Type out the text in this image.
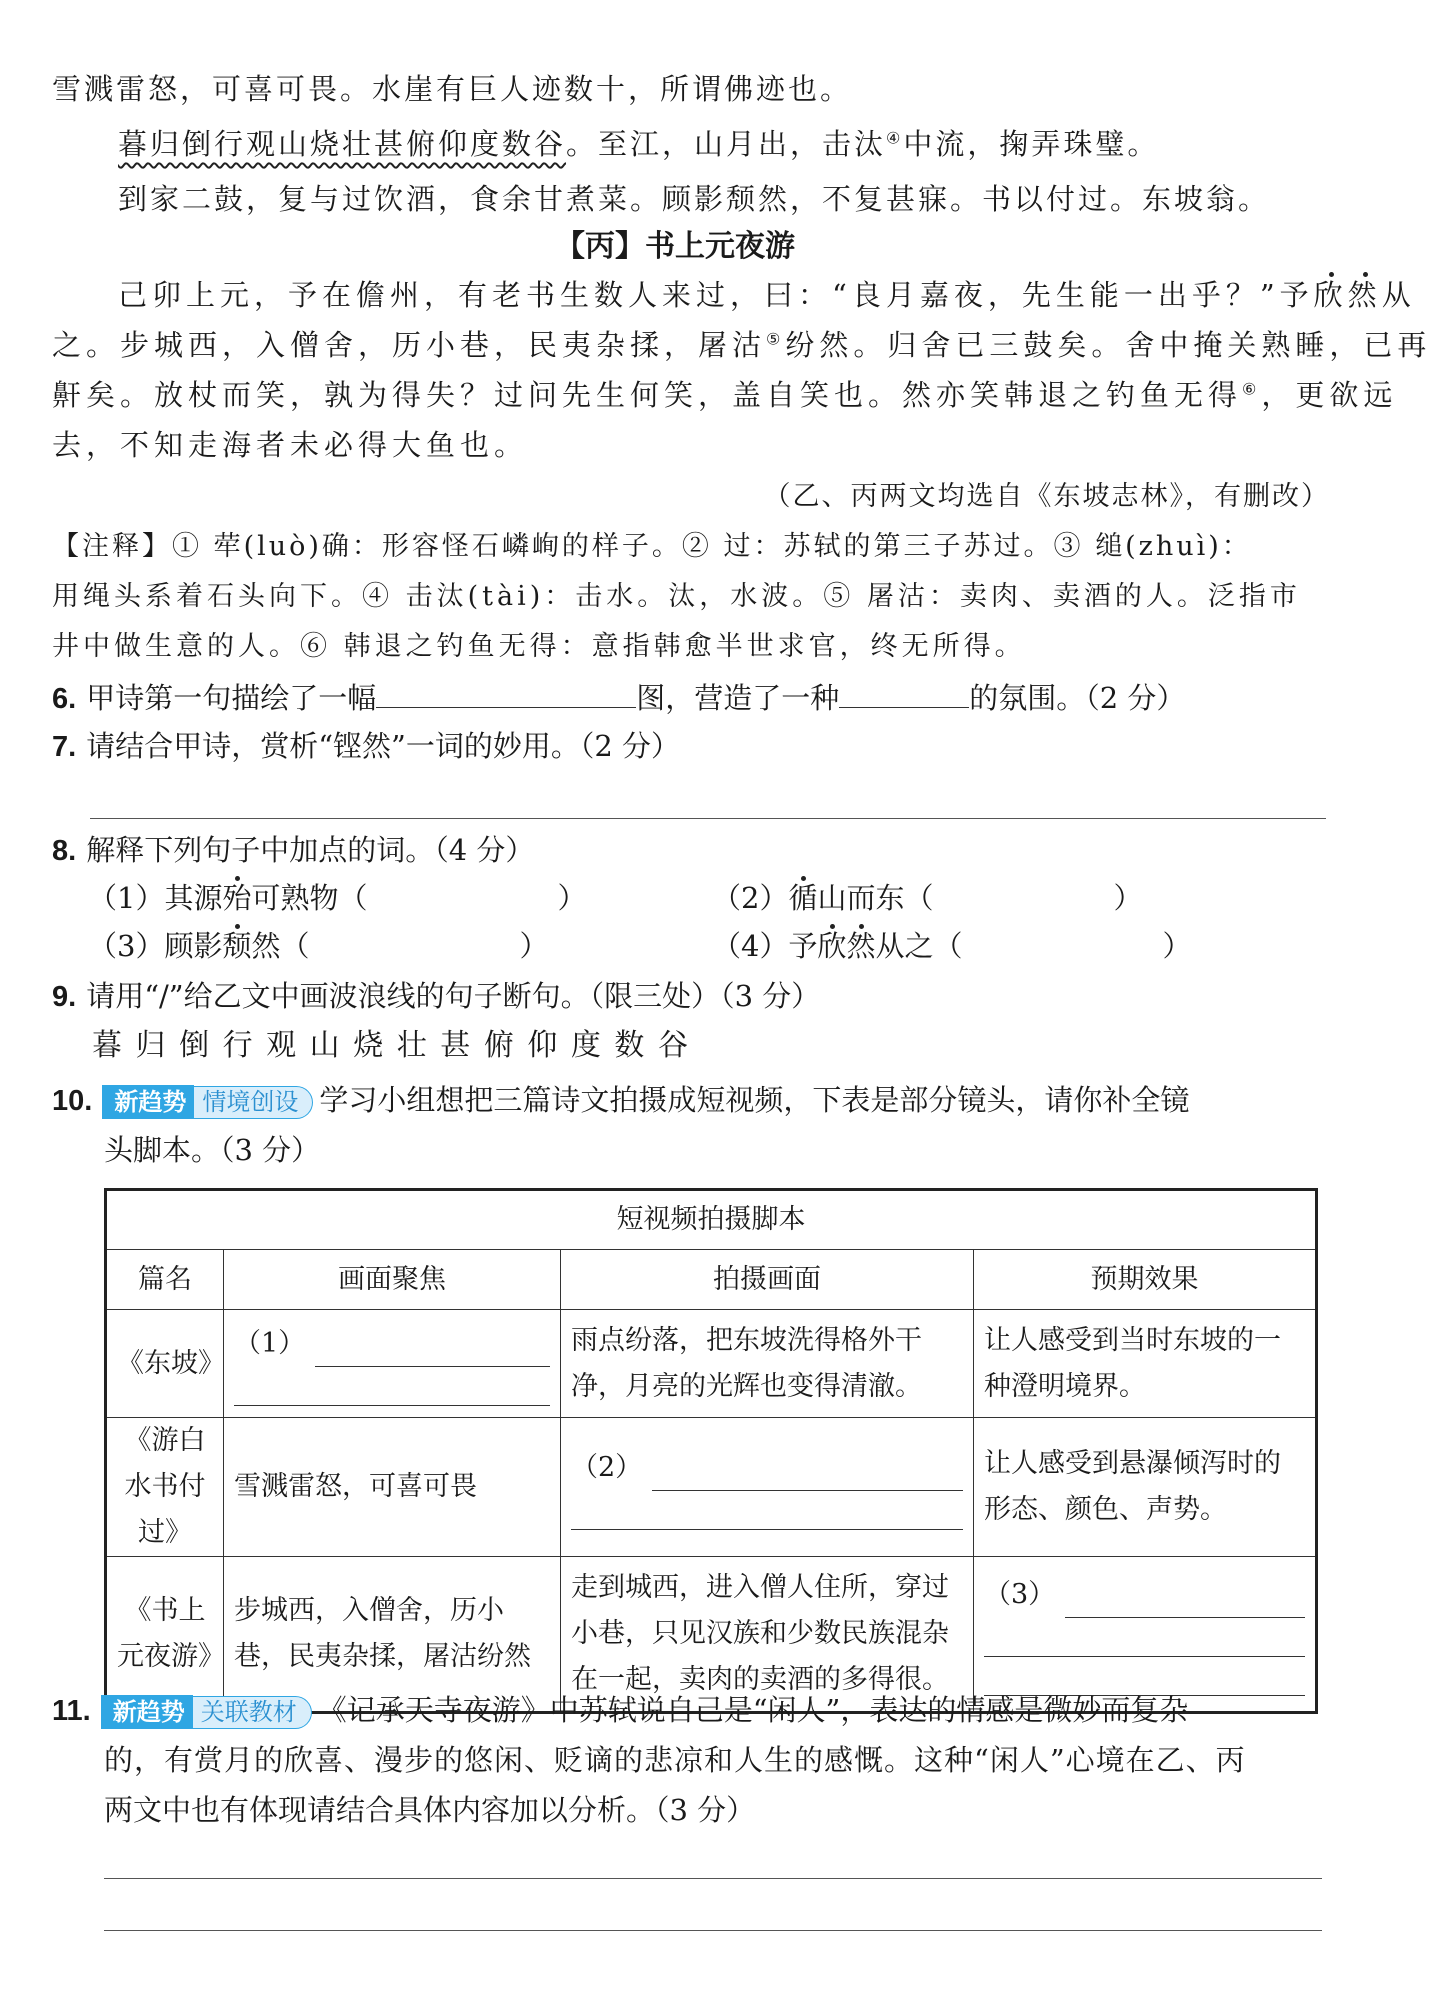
雪溅雷怒，可喜可畏。水崖有巨人迹数十，所谓佛迹也。
暮归倒行观山烧壮甚俯仰度数谷。至江，山月出，击汰④中流，掬弄珠璧。
到家二鼓，复与过饮酒，食余甘煮菜。顾影颓然，不复甚寐。书以付过。东坡翁。
【丙】书上元夜游
己卯上元，予在儋州，有老书生数人来过，曰：“良月嘉夜，先生能一出乎？”予欣然从
之。步城西，入僧舍，历小巷，民夷杂揉，屠沽⑤纷然。归舍已三鼓矣。舍中掩关熟睡，已再
鼾矣。放杖而笑，孰为得失？过问先生何笑，盖自笑也。然亦笑韩退之钓鱼无得⑥，更欲远
去，不知走海者未必得大鱼也。
（乙、丙两文均选自《东坡志林》，有删改）
【注释】① 荦(luò)确：形容怪石嶙峋的样子。② 过：苏轼的第三子苏过。③ 缒(zhuì)：
用绳头系着石头向下。④ 击汰(tài)：击水。汰，水波。⑤ 屠沽：卖肉、卖酒的人。泛指市
井中做生意的人。⑥ 韩退之钓鱼无得：意指韩愈半世求官，终无所得。
6. 甲诗第一句描绘了一幅	图，营造了一种	的氛围。（2 分）
7. 请结合甲诗，赏析“铿然”一词的妙用。（2 分）
8. 解释下列句子中加点的词。（4 分）
（1）其源殆可熟物（	）	（2）循山而东（	）
（3）顾影颓然（	）	（4）予欣然从之（	）
9. 请用“/”给乙文中画波浪线的句子断句。（限三处）（3 分）
暮 归 倒 行 观 山 烧 壮 甚 俯 仰 度 数 谷
10. 新趋势 情境创设 学习小组想把三篇诗文拍摄成短视频，下表是部分镜头，请你补全镜
头脚本。（3 分）
短视频拍摄脚本			
篇名	画面聚焦	拍摄画面	预期效果
《东坡》	（1）	雨点纷落，把东坡洗得格外干净，月亮的光辉也变得清澈。	让人感受到当时东坡的一种澄明境界。
《游白水书付过》	雪溅雷怒，可喜可畏	（2）	让人感受到悬瀑倾泻时的形态、颜色、声势。
《书上元夜游》	步城西，入僧舍，历小巷，民夷杂揉，屠沽纷然	走到城西，进入僧人住所，穿过小巷，只见汉族和少数民族混杂在一起，卖肉的卖酒的多得很。	（3）
11. 新趋势 关联教材 《记承天寺夜游》中苏轼说自己是“闲人”，表达的情感是微妙而复杂
的，有赏月的欣喜、漫步的悠闲、贬谪的悲凉和人生的感慨。这种“闲人”心境在乙、丙
两文中也有体现请结合具体内容加以分析。（3 分）
